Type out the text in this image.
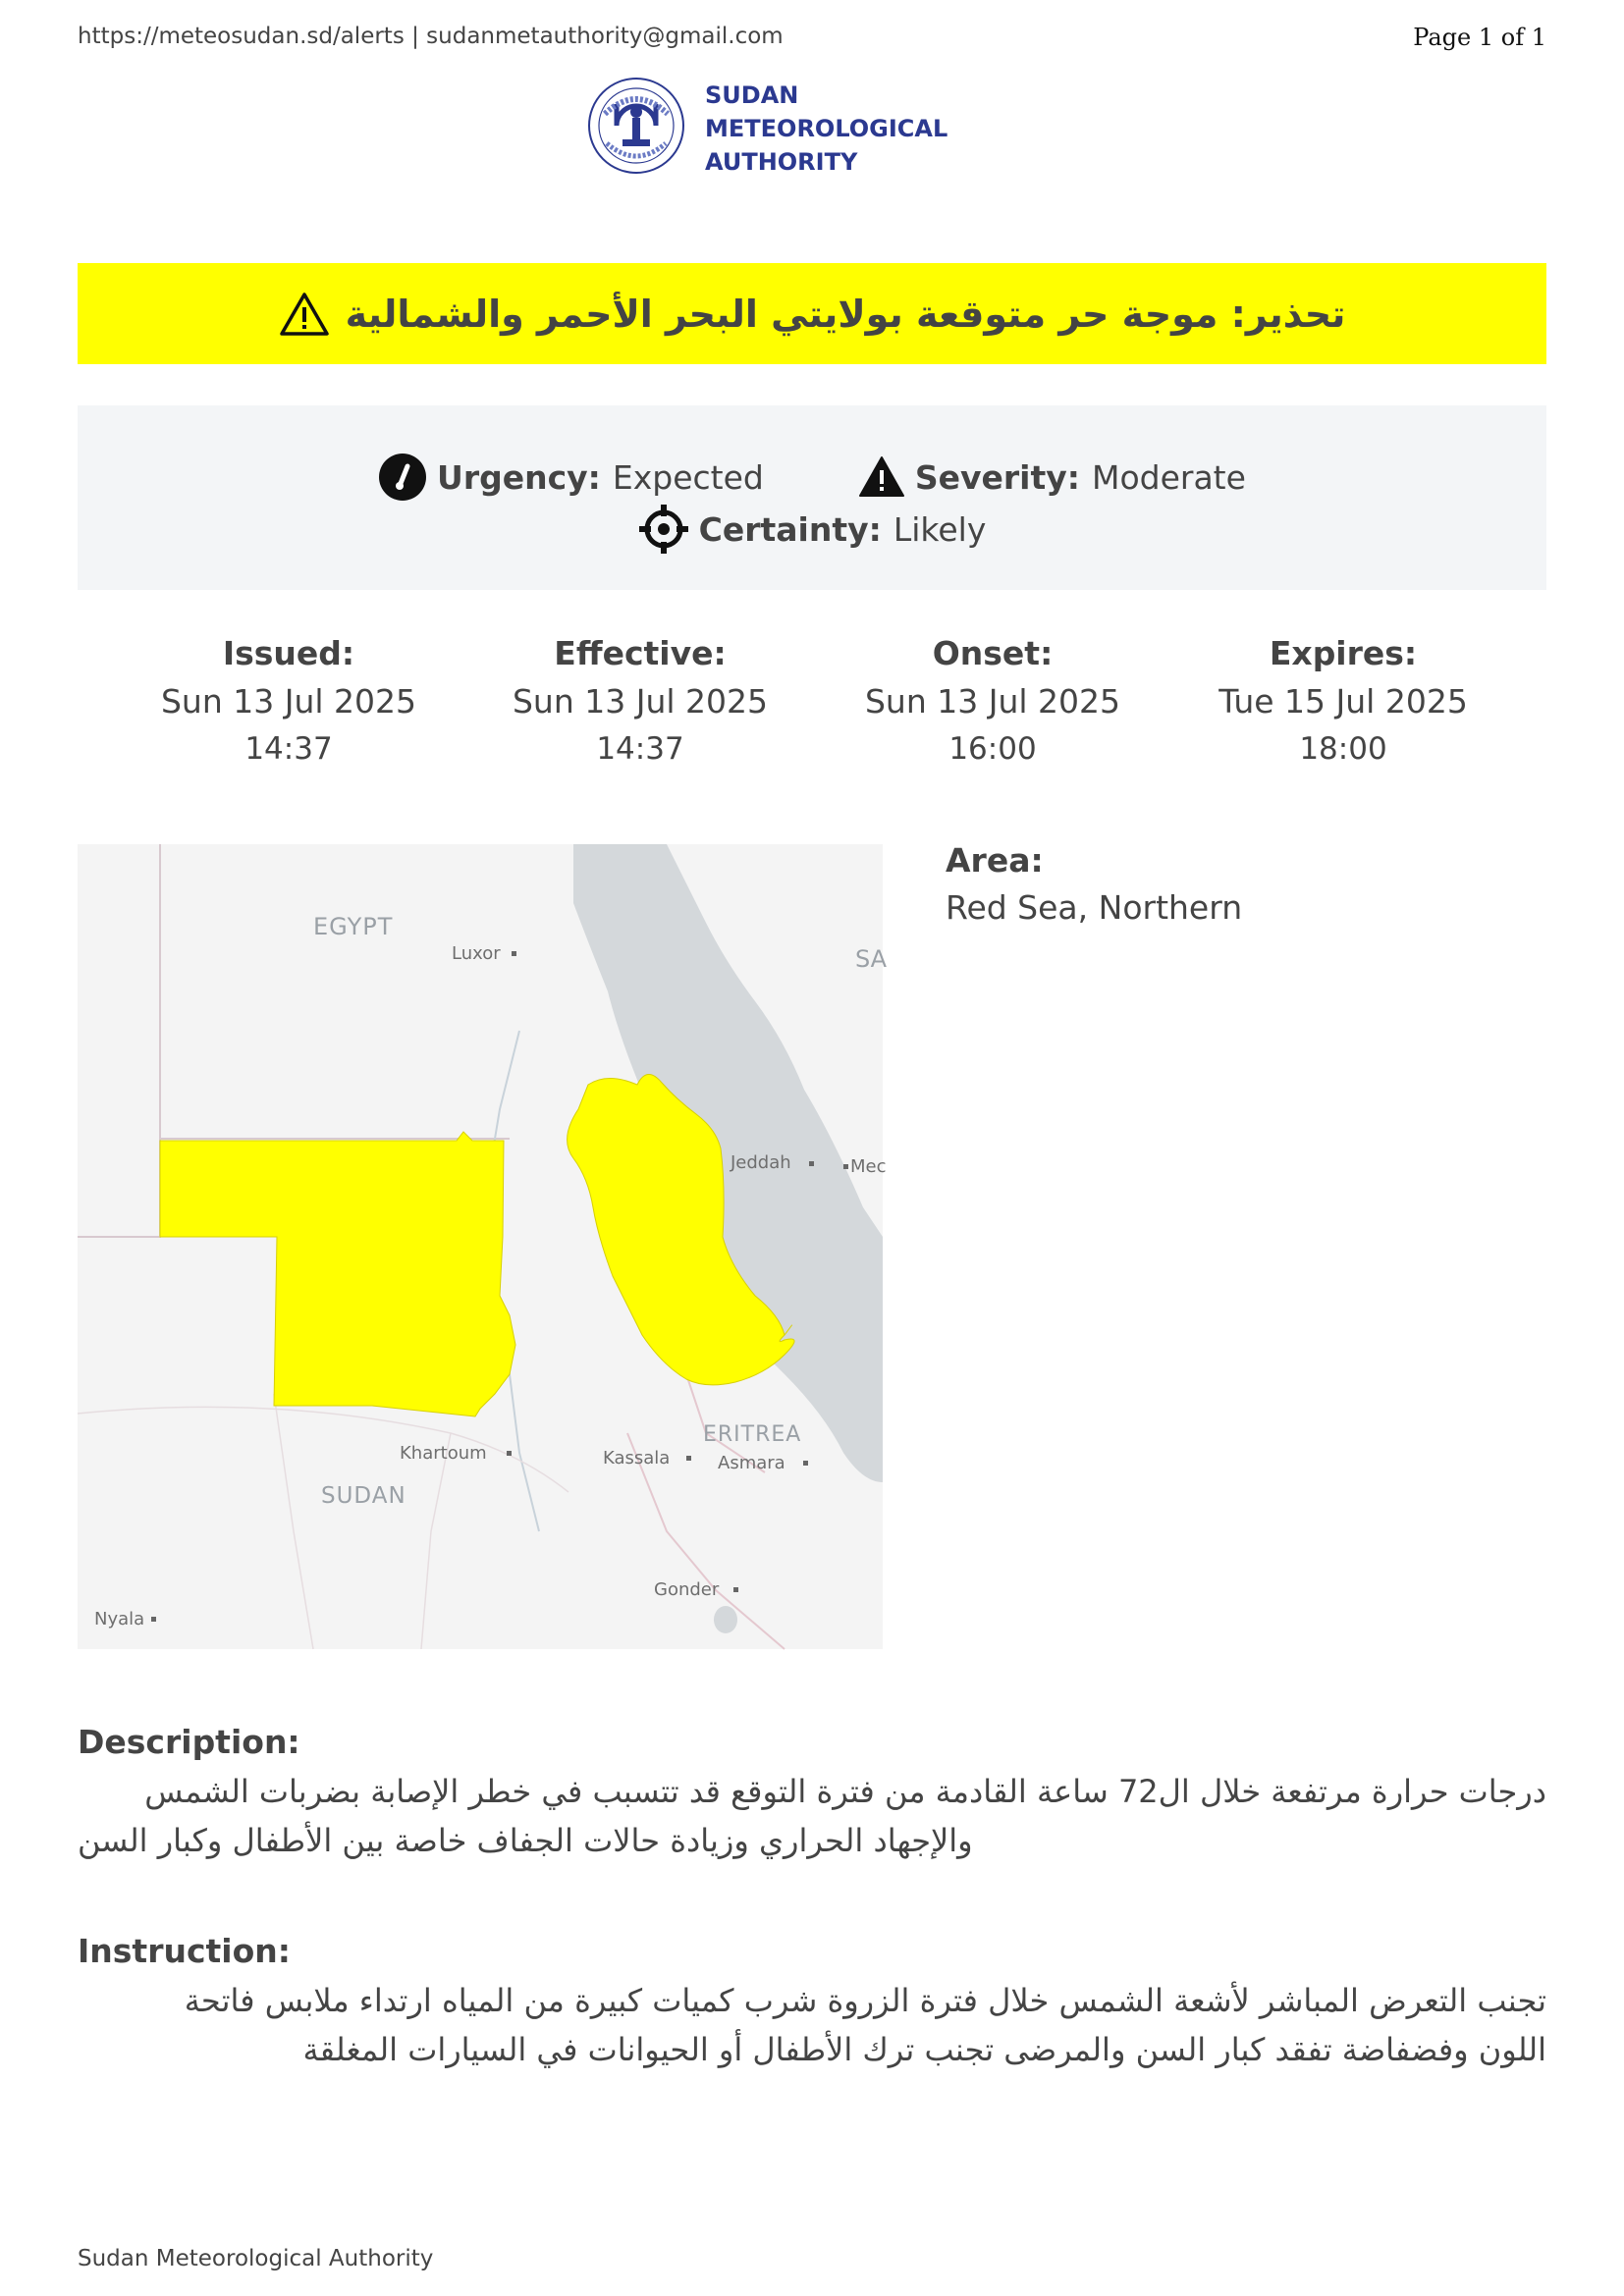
https://meteosudan.sd/alerts | sudanmetauthority@gmail.com	Page 1 of 1
SUDAN
METEOROLOGICAL
AUTHORITY
تحذير: موجة حر متوقعة بولايتي البحر الأحمر والشمالية
Urgency: Expected	Severity: Moderate
Certainty: Likely
Issued:
Sun 13 Jul 2025
14:37
Effective:
Sun 13 Jul 2025
14:37
Onset:
Sun 13 Jul 2025
16:00
Expires:
Tue 15 Jul 2025
18:00
EGYPT
Luxor	SA
Jeddah	Mec
ERITREA
Asmara
Kassala
Khartoum
SUDAN
Gonder
Nyala
Area:
Red Sea, Northern
Description:
درجات حرارة مرتفعة خلال ال72 ساعة القادمة من فترة التوقع قد تتسبب في خطر الإصابة بضربات الشمس
والإجهاد الحراري وزيادة حالات الجفاف خاصة بين الأطفال وكبار السن
Instruction:
تجنب التعرض المباشر لأشعة الشمس خلال فترة الزروة شرب كميات كبيرة من المياه ارتداء ملابس فاتحة
اللون وفضفاضة تفقد كبار السن والمرضى تجنب ترك الأطفال أو الحيوانات في السيارات المغلقة
Sudan Meteorological Authority
